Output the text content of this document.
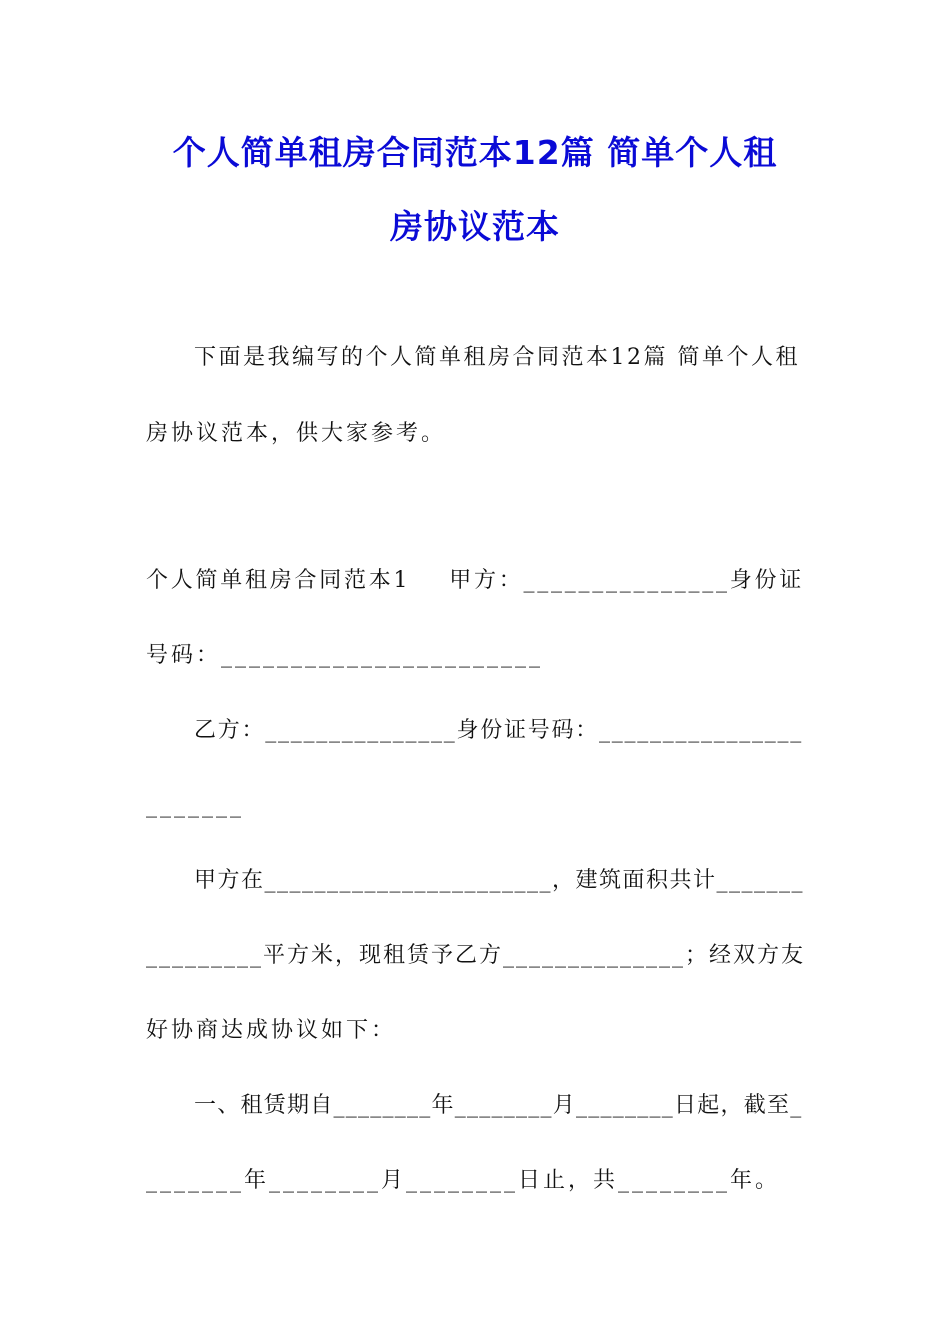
个人简单租房合同范本12篇 简单个人租
房协议范本
下面是我编写的个人简单租房合同范本12篇 简单个人租
房协议范本，供大家参考。
个人简单租房合同范本1    甲方：_______________身份证
号码：_______________________
乙方：_______________身份证号码：________________
_______
甲方在_______________________，建筑面积共计_______
_________平方米，现租赁予乙方______________；经双方友
好协商达成协议如下：
一、租赁期自________年________月________日起，截至_
_______年________月________日止，共________年。
